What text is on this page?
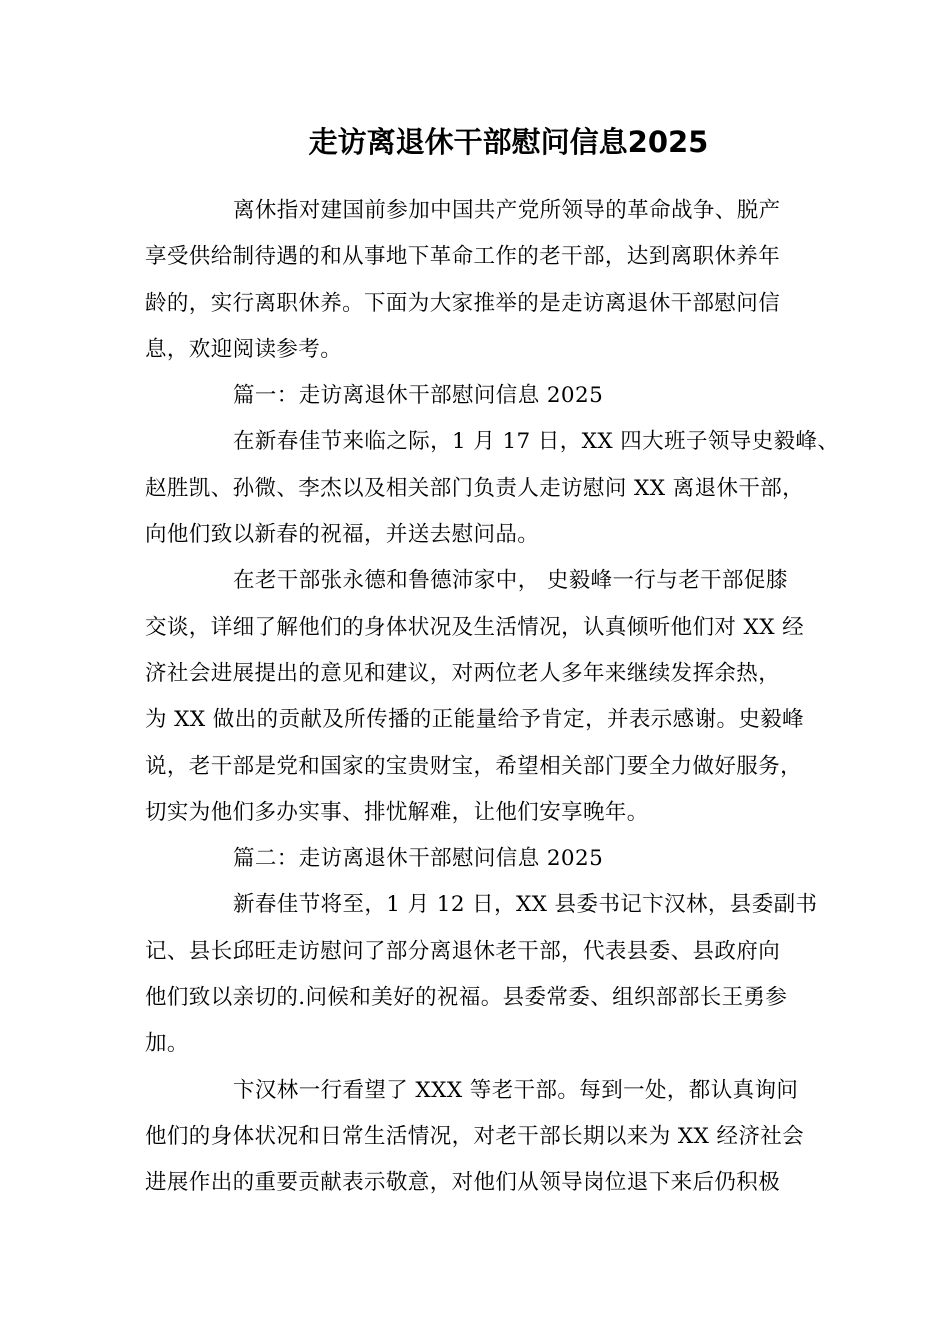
走访离退休干部慰问信息2025

离休指对建国前参加中国共产党所领导的革命战争、脱产
享受供给制待遇的和从事地下革命工作的老干部，达到离职休养年
龄的，实行离职休养。下面为大家推举的是走访离退休干部慰问信
息，欢迎阅读参考。

篇一：走访离退休干部慰问信息 2025

在新春佳节来临之际，1 月 17 日，XX 四大班子领导史毅峰、
赵胜凯、孙微、李杰以及相关部门负责人走访慰问 XX 离退休干部，
向他们致以新春的祝福，并送去慰问品。

在老干部张永德和鲁德沛家中， 史毅峰一行与老干部促膝
交谈，详细了解他们的身体状况及生活情况，认真倾听他们对 XX 经
济社会进展提出的意见和建议，对两位老人多年来继续发挥余热，
为 XX 做出的贡献及所传播的正能量给予肯定，并表示感谢。史毅峰
说，老干部是党和国家的宝贵财宝，希望相关部门要全力做好服务，
切实为他们多办实事、排忧解难，让他们安享晚年。

篇二：走访离退休干部慰问信息 2025

新春佳节将至，1 月 12 日，XX 县委书记卞汉林，县委副书
记、县长邱旺走访慰问了部分离退休老干部，代表县委、县政府向
他们致以亲切的.问候和美好的祝福。县委常委、组织部部长王勇参
加。

卞汉林一行看望了 XXX 等老干部。每到一处，都认真询问
他们的身体状况和日常生活情况，对老干部长期以来为 XX 经济社会
进展作出的重要贡献表示敬意，对他们从领导岗位退下来后仍积极
